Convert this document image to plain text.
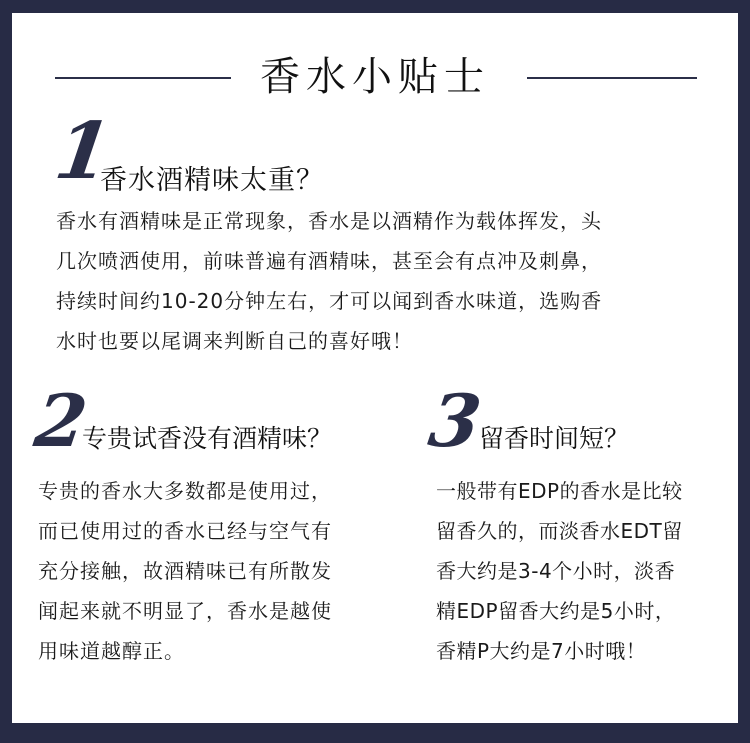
香水小贴士
1
香水酒精味太重？
香水有酒精味是正常现象，香水是以酒精作为载体挥发，头
几次喷洒使用，前味普遍有酒精味，甚至会有点冲及刺鼻，
持续时间约10-20分钟左右，才可以闻到香水味道，选购香
水时也要以尾调来判断自己的喜好哦！
2
专贵试香没有酒精味？
专贵的香水大多数都是使用过，
而已使用过的香水已经与空气有
充分接触，故酒精味已有所散发
闻起来就不明显了，香水是越使
用味道越醇正。
3
留香时间短？
一般带有EDP的香水是比较
留香久的，而淡香水EDT留
香大约是3-4个小时，淡香
精EDP留香大约是5小时，
香精P大约是7小时哦！
